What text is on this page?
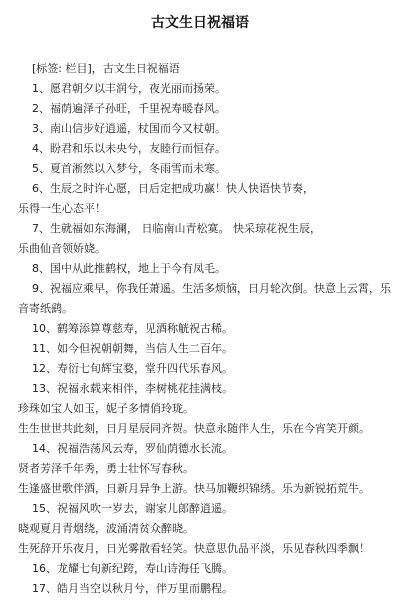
古文生日祝福语
[标签: 栏目]，古文生日祝福语
1、愿君朝夕以丰润兮，夜光丽而扬荣。
2、福荫遍泽子孙旺，千里祝寿暖春风。
3、南山信步好逍遥，杖国而今又杖朝。
4、盼君和乐以未央兮，友睦行而恒存。
5、夏首淅然以入梦兮，冬雨雪而未寒。
6、生辰之时许心愿，日后定把成功赢！快人快语快节奏，
乐得一生心态平！
7、生就福如东海澜， 日临南山青松寞。 快采琼花祝生辰，
乐曲仙音领娇娆。
8、国中从此推鹤权，地上于今有凤毛。
9、祝福应乘早，你我任萧遥。生活多烦恼，日月轮次倒。快意上云霄，乐
音寄纸鹞。
10、鹤筹添算尊慈寿，见酒称觥祝古稀。
11、如今但祝朝朝舞，当信人生二百年。
12、寿衍七旬辉宝婺，堂升四代乐春风。
13、祝福永载来相伴，李树桃花挂满枝。
珍珠如宝人如玉，妮子多情俏玲珑。
生生世世共此刻，日月星辰同齐贺。快意永随伴人生，乐在今宵笑开颜。
14、祝福浩荡风云寿，罗仙荫德水长流。
贤者芳泽千年秀，勇士壮怀写春秋。
生逢盛世歌伴酒，日新月异争上游。快马加鞭织锦绣。乐为新锐拓荒牛。
15、祝福风吹一岁去，谢家儿郎醉逍遥。
晓观夏月青烟绕，波涌清贫众醉晓。
生死辞开乐夜月，日光雾散看轻笑。快意思仇品平淡，乐见春秋四季飘！
16、龙耀七旬新纪跨，寿山诗海任飞腾。
17、皓月当空以秋月兮，伴万里而鹏程。
